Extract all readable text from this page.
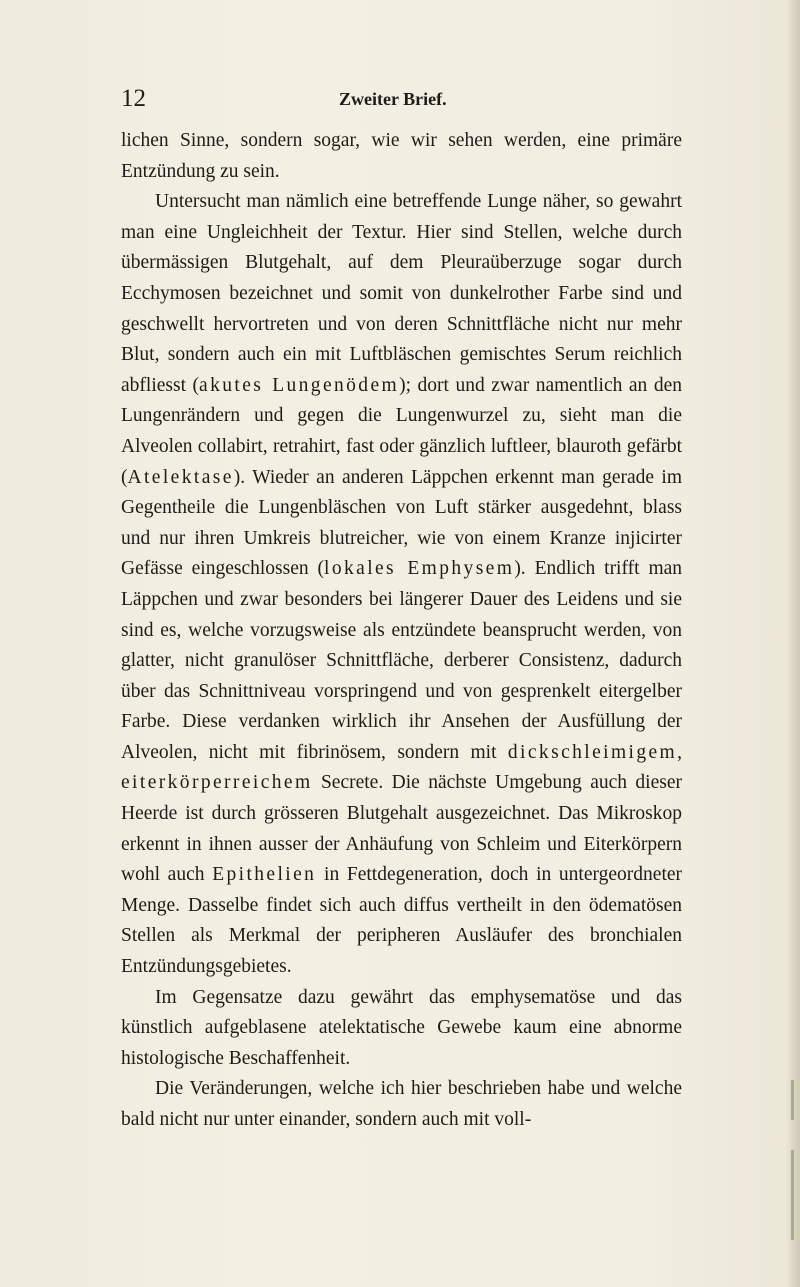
12	Zweiter Brief.

lichen Sinne, sondern sogar, wie wir sehen werden, eine primäre Entzündung zu sein.

Untersucht man nämlich eine betreffende Lunge näher, so gewahrt man eine Ungleichheit der Textur. Hier sind Stellen, welche durch übermässigen Blutgehalt, auf dem Pleuraüberzuge sogar durch Ecchymosen bezeichnet und somit von dunkelrother Farbe sind und geschwellt hervortreten und von deren Schnittfläche nicht nur mehr Blut, sondern auch ein mit Luftbläschen gemischtes Serum reichlich abfliesst (akutes Lungenödem); dort und zwar namentlich an den Lungenrändern und gegen die Lungenwurzel zu, sieht man die Alveolen collabirt, retrahirt, fast oder gänzlich luftleer, blauroth gefärbt (Atelektase). Wieder an anderen Läppchen erkennt man gerade im Gegentheile die Lungenbläschen von Luft stärker ausgedehnt, blass und nur ihren Umkreis blutreicher, wie von einem Kranze injicirter Gefässe eingeschlossen (lokales Emphysem). Endlich trifft man Läppchen und zwar besonders bei längerer Dauer des Leidens und sie sind es, welche vorzugsweise als entzündete beansprucht werden, von glatter, nicht granulöser Schnittfläche, derberer Consistenz, dadurch über das Schnittniveau vorspringend und von gesprenkelt eitergelber Farbe. Diese verdanken wirklich ihr Ansehen der Ausfüllung der Alveolen, nicht mit fibrinösem, sondern mit dickschleimigem, eiterkörperreichem Secrete. Die nächste Umgebung auch dieser Heerde ist durch grösseren Blutgehalt ausgezeichnet. Das Mikroskop erkennt in ihnen ausser der Anhäufung von Schleim und Eiterkörpern wohl auch Epithelien in Fettdegeneration, doch in untergeordneter Menge. Dasselbe findet sich auch diffus vertheilt in den ödematösen Stellen als Merkmal der peripheren Ausläufer des bronchialen Entzündungsgebietes.

Im Gegensatze dazu gewährt das emphysematöse und das künstlich aufgeblasene atelektatische Gewebe kaum eine abnorme histologische Beschaffenheit.

Die Veränderungen, welche ich hier beschrieben habe und welche bald nicht nur unter einander, sondern auch mit voll-
